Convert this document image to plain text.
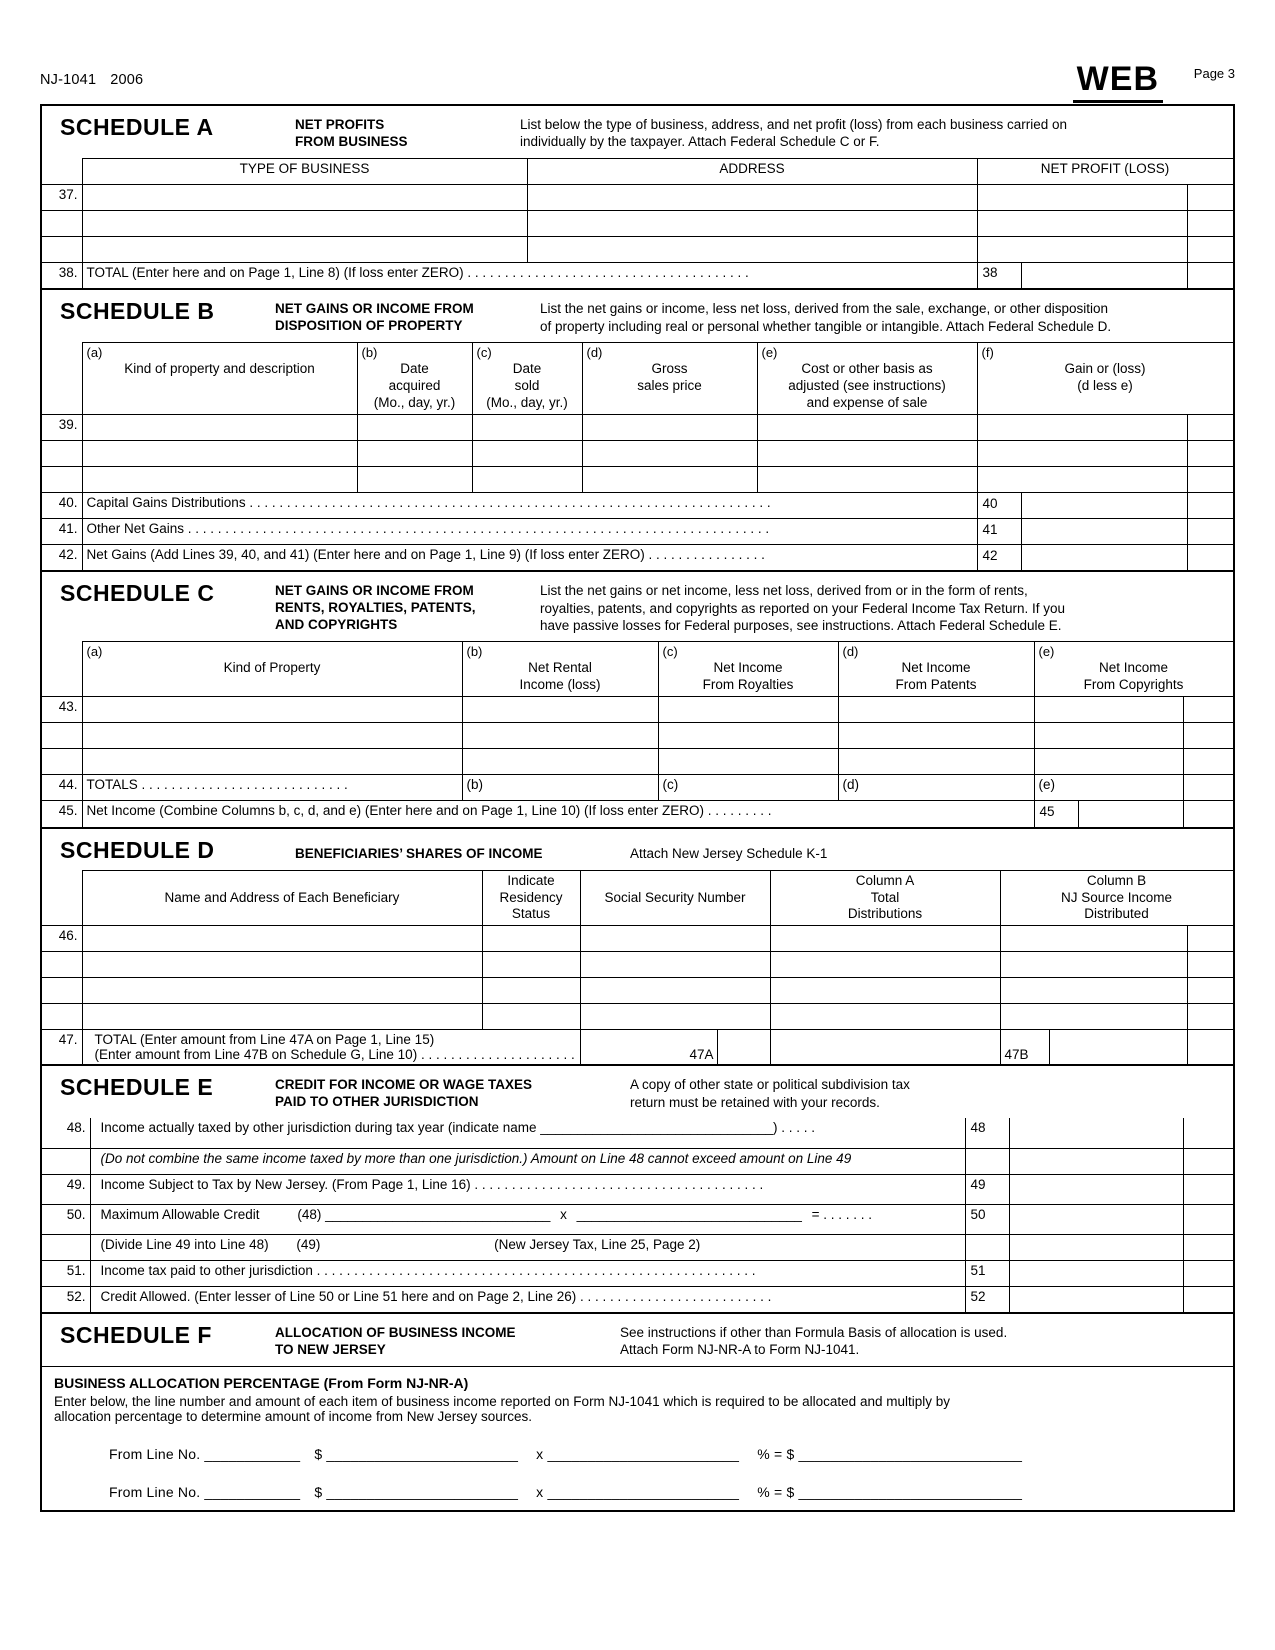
NJ-1041 2006	WEB	Page 3
SCHEDULE A	NET PROFITS
FROM BUSINESS
List below the type of business, address, and net profit (loss) from each business carried on
individually by the taxpayer. Attach Federal Schedule C or F.
	TYPE OF BUSINESS	ADDRESS	NET PROFIT (LOSS)	
37.				

38.	TOTAL (Enter here and on Page 1, Line 8) (If loss enter ZERO) . . . . . . . . . . . . . . . . . . . . . . . . . . . . . . . . . . . . . .		38	

SCHEDULE B	NET GAINS OR INCOME FROM
DISPOSITION OF PROPERTY
List the net gains or income, less net loss, derived from the sale, exchange, or other disposition
of property including real or personal whether tangible or intangible. Attach Federal Schedule D.

(a)
Kind of property and description

(b)
Date
acquired
(Mo., day, yr.)

(c)
Date
sold
(Mo., day, yr.)

(d)
Gross
sales price

(e)
Cost or other basis as
adjusted (see instructions)
and expense of sale

(f)
Gain or (loss)
(d less e)

39.							

40.	Capital Gains Distributions . . . . . . . . . . . . . . . . . . . . . . . . . . . . . . . . . . . . . . . . . . . . . . . . . . . . . . . . . . . . . . . . . . . . . .					40	

41.	Other Net Gains . . . . . . . . . . . . . . . . . . . . . . . . . . . . . . . . . . . . . . . . . . . . . . . . . . . . . . . . . . . . . . . . . . . . . . . . . . . . . .					41	

42.	Net Gains (Add Lines 39, 40, and 41) (Enter here and on Page 1, Line 9) (If loss enter ZERO) . . . . . . . . . . . . . . . .					42	

SCHEDULE C	NET GAINS OR INCOME FROM
RENTS, ROYALTIES, PATENTS,
AND COPYRIGHTS
List the net gains or net income, less net loss, derived from or in the form of rents,
royalties, patents, and copyrights as reported on your Federal Income Tax Return. If you
have passive losses for Federal purposes, see instructions. Attach Federal Schedule E.

(a)
Kind of Property

(b)
Net Rental
Income (loss)

(c)
Net Income
From Royalties

(d)
Net Income
From Patents

(e)
Net Income
From Copyrights

43.						

44.	TOTALS . . . . . . . . . . . . . . . . . . . . . . . . . . . .	(b)	(c)	(d)	(e)	
45.	Net Income (Combine Columns b, c, d, and e) (Enter here and on Page 1, Line 10) (If loss enter ZERO) . . . . . . . . .				45	

SCHEDULE D	BENEFICIARIES’ SHARES OF INCOME	Attach New Jersey Schedule K-1

Name and Address of Each Beneficiary

Indicate
Residency
Status

Social Security Number

Column A
Total
Distributions

Column B
NJ Source Income
Distributed

46.						

47.	TOTAL (Enter amount from Line 47A on Page 1, Line 15)
(Enter amount from Line 47B on Schedule G, Line 10) . . . . . . . . . . . . . . . . . . . . .		47A		47B	

SCHEDULE E	CREDIT FOR INCOME OR WAGE TAXES
PAID TO OTHER JURISDICTION
A copy of other state or political subdivision tax
return must be retained with your records.
48.	Income actually taxed by other jurisdiction during tax year (indicate name _______________________________) . . . . .	48		
	(Do not combine the same income taxed by more than one jurisdiction.) Amount on Line 48 cannot exceed amount on Line 49			
49.	Income Subject to Tax by New Jersey. (From Page 1, Line 16) . . . . . . . . . . . . . . . . . . . . . . . . . . . . . . . . . . . . . . .	49		
50.	Maximum Allowable Credit (48) ______________________________ x ______________________________ = . . . . . . .	50		
	(Divide Line 49 into Line 48) (49) (New Jersey Tax, Line 25, Page 2)			
51.	Income tax paid to other jurisdiction . . . . . . . . . . . . . . . . . . . . . . . . . . . . . . . . . . . . . . . . . . . . . . . . . . . . . . . . . . .	51		
52.	Credit Allowed. (Enter lesser of Line 50 or Line 51 here and on Page 2, Line 26) . . . . . . . . . . . . . . . . . . . . . . . . . .	52		
SCHEDULE F	ALLOCATION OF BUSINESS INCOME
TO NEW JERSEY
See instructions if other than Formula Basis of allocation is used.
Attach Form NJ-NR-A to Form NJ-1041.
BUSINESS ALLOCATION PERCENTAGE (From Form NJ-NR-A)
Enter below, the line number and amount of each item of business income reported on Form NJ-1041 which is required to be allocated and multiply by
allocation percentage to determine amount of income from New Jersey sources.
From Line No. ____________ $ ________________________ x ________________________ % = $ ____________________________
From Line No. ____________ $ ________________________ x ________________________ % = $ ____________________________
